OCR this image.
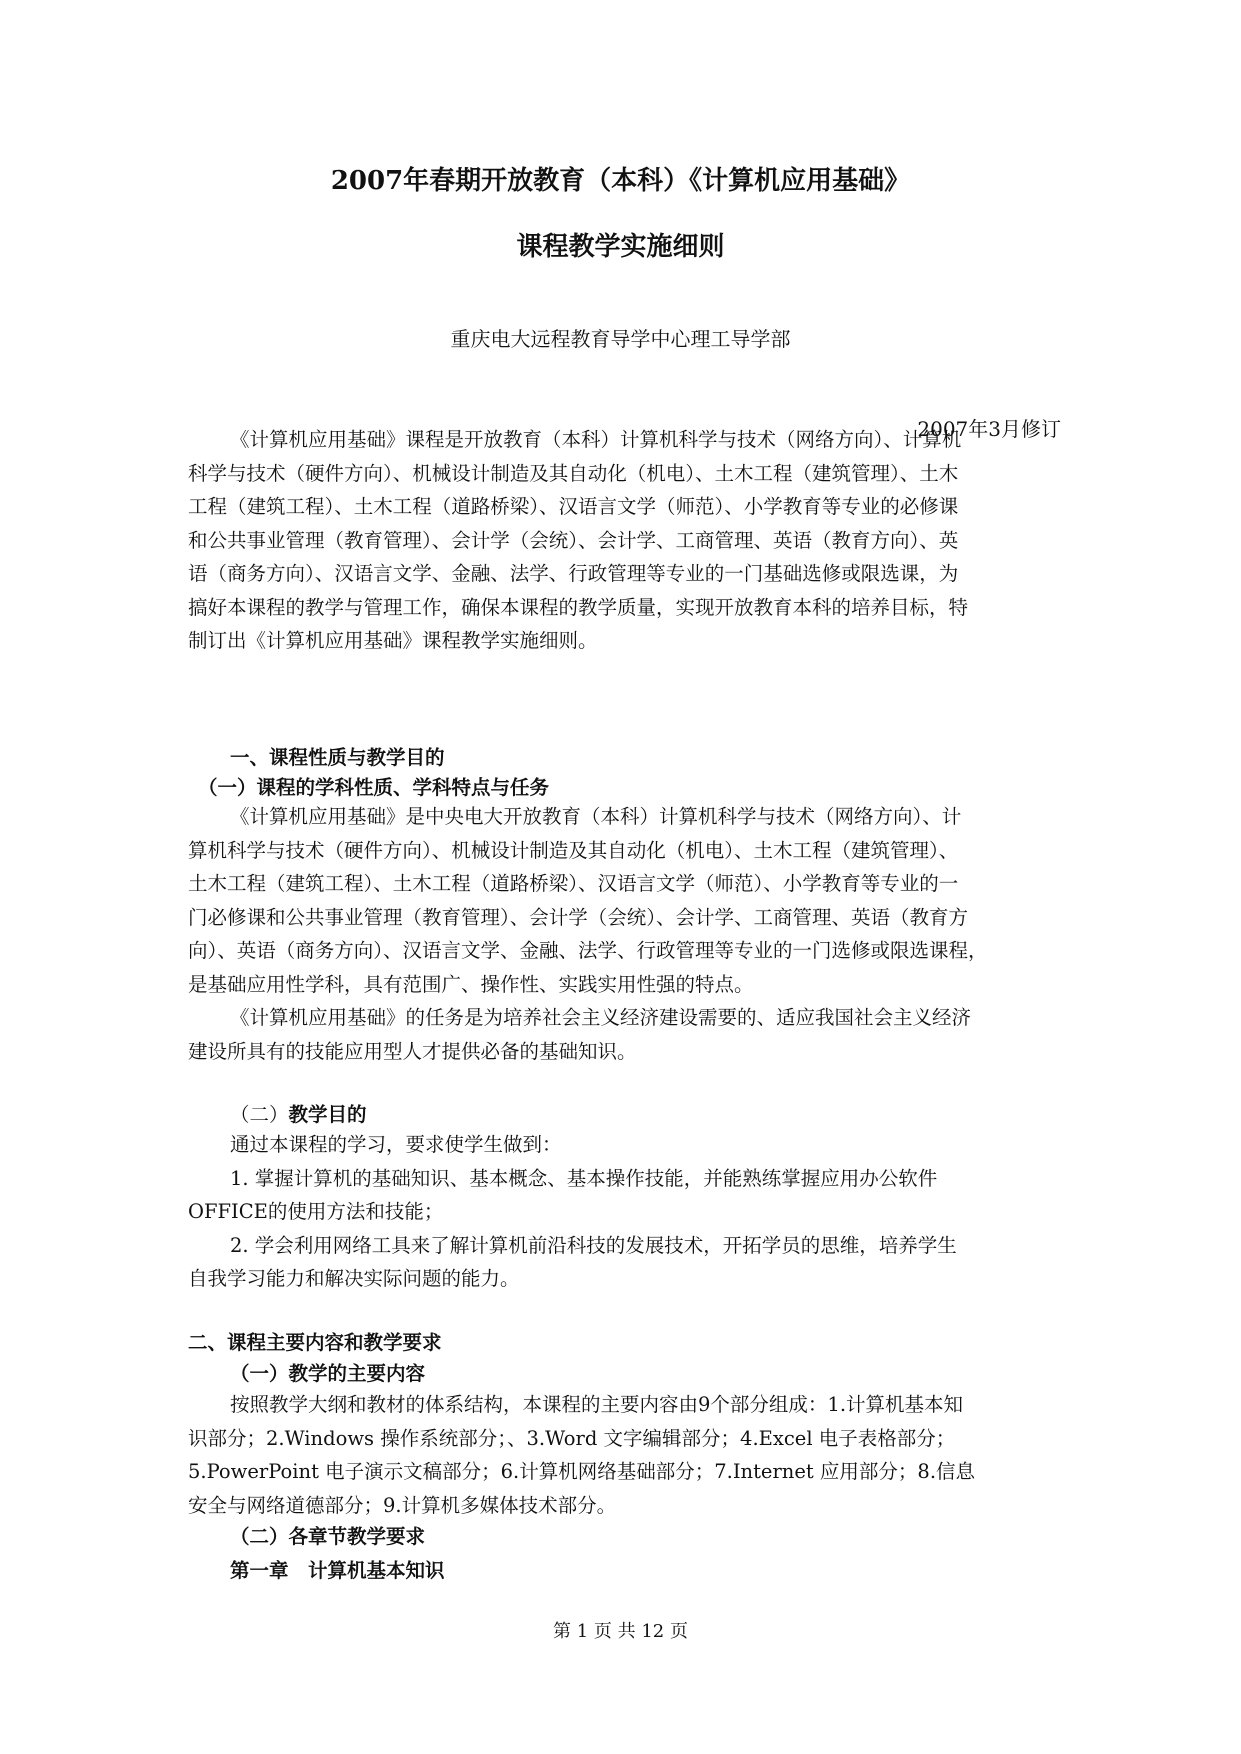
2007年春期开放教育（本科）《计算机应用基础》
课程教学实施细则
重庆电大远程教育导学中心理工导学部
2007年3月修订
《计算机应用基础》课程是开放教育（本科）计算机科学与技术（网络方向）、计算机
科学与技术（硬件方向）、机械设计制造及其自动化（机电）、土木工程（建筑管理）、土木
工程（建筑工程）、土木工程（道路桥梁）、汉语言文学（师范）、小学教育等专业的必修课
和公共事业管理（教育管理）、会计学（会统）、会计学、工商管理、英语（教育方向）、英
语（商务方向）、汉语言文学、金融、法学、行政管理等专业的一门基础选修或限选课，为
搞好本课程的教学与管理工作，确保本课程的教学质量，实现开放教育本科的培养目标，特
制订出《计算机应用基础》课程教学实施细则。
一、课程性质与教学目的
（一）课程的学科性质、学科特点与任务
《计算机应用基础》是中央电大开放教育（本科）计算机科学与技术（网络方向）、计
算机科学与技术（硬件方向）、机械设计制造及其自动化（机电）、土木工程（建筑管理）、
土木工程（建筑工程）、土木工程（道路桥梁）、汉语言文学（师范）、小学教育等专业的一
门必修课和公共事业管理（教育管理）、会计学（会统）、会计学、工商管理、英语（教育方
向）、英语（商务方向）、汉语言文学、金融、法学、行政管理等专业的一门选修或限选课程，
是基础应用性学科，具有范围广、操作性、实践实用性强的特点。
《计算机应用基础》的任务是为培养社会主义经济建设需要的、适应我国社会主义经济
建设所具有的技能应用型人才提供必备的基础知识。
（二）教学目的
通过本课程的学习，要求使学生做到：
1. 掌握计算机的基础知识、基本概念、基本操作技能，并能熟练掌握应用办公软件
OFFICE的使用方法和技能；
2. 学会利用网络工具来了解计算机前沿科技的发展技术，开拓学员的思维，培养学生
自我学习能力和解决实际问题的能力。
二、课程主要内容和教学要求
（一）教学的主要内容
按照教学大纲和教材的体系结构，本课程的主要内容由9个部分组成：1.计算机基本知
识部分；2.Windows 操作系统部分；、3.Word 文字编辑部分；4.Excel 电子表格部分；
5.PowerPoint 电子演示文稿部分；6.计算机网络基础部分；7.Internet 应用部分；8.信息
安全与网络道德部分；9.计算机多媒体技术部分。
（二）各章节教学要求
第一章　计算机基本知识
第 1 页 共 12 页
